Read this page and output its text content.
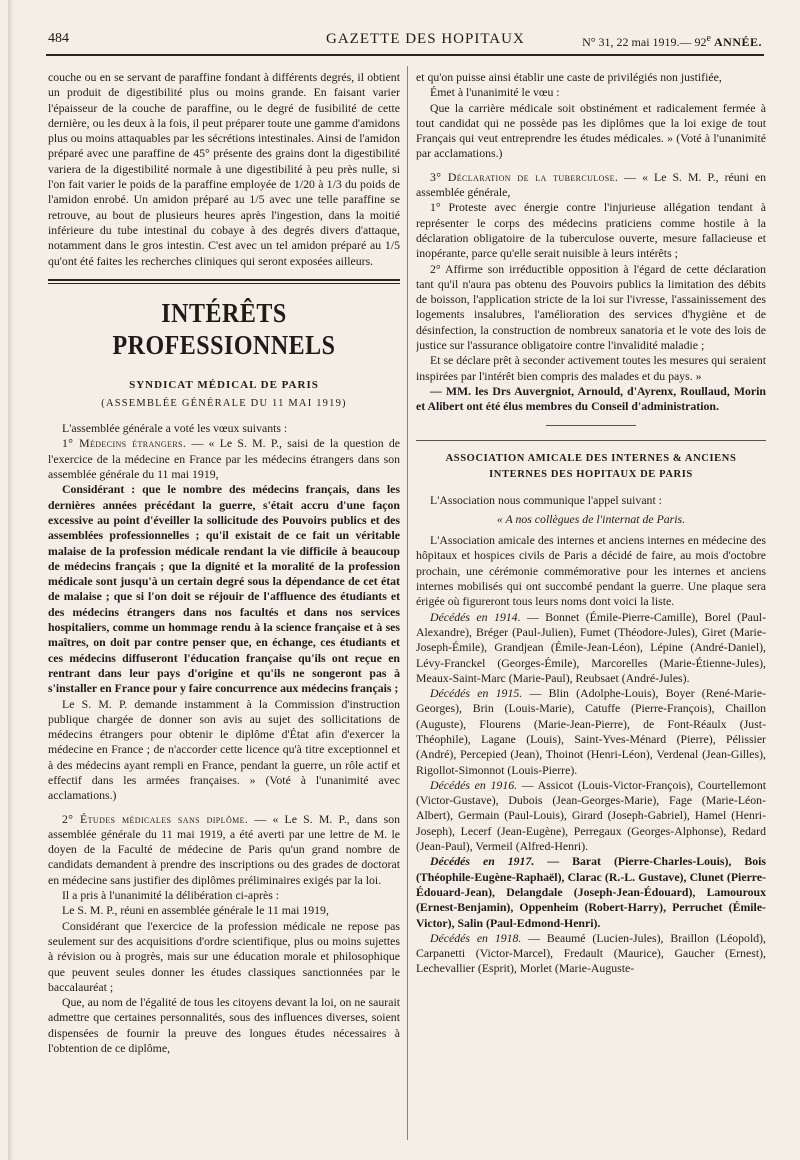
484	GAZETTE DES HOPITAUX	N° 31, 22 mai 1919.— 92e ANNÉE.

couche ou en se servant de paraffine fondant à différents degrés, il obtient un produit de digestibilité plus ou moins grande. En faisant varier l'épaisseur de la couche de paraffine, ou le degré de fusibilité de cette dernière, ou les deux à la fois, il peut préparer toute une gamme d'amidons plus ou moins attaquables par les sécrétions intestinales. Ainsi de l'amidon préparé avec une paraffine de 45° présente des grains dont la digestibilité variera de la digestibilité normale à une digestibilité à peu près nulle, si l'on fait varier le poids de la paraffine employée de 1/20 à 1/3 du poids de l'amidon enrobé. Un amidon préparé au 1/5 avec une telle paraffine se retrouve, au bout de plusieurs heures après l'ingestion, dans la moitié inférieure du tube intestinal du cobaye à des degrés divers d'attaque, notamment dans le gros intestin. C'est avec un tel amidon préparé au 1/5 qu'ont été faites les recherches cliniques qui seront exposées ailleurs.

INTÉRÊTS PROFESSIONNELS
SYNDICAT MÉDICAL DE PARIS
(ASSEMBLÉE GÉNÉRALE DU 11 MAI 1919)

L'assemblée générale a voté les vœux suivants :

1° Médecins étrangers. — « Le S. M. P., saisi de la question de l'exercice de la médecine en France par les médecins étrangers dans son assemblée générale du 11 mai 1919,

Considérant : que le nombre des médecins français, dans les dernières années précédant la guerre, s'était accru d'une façon excessive au point d'éveiller la sollicitude des Pouvoirs publics et des assemblées professionnelles ; qu'il existait de ce fait un véritable malaise de la profession médicale rendant la vie difficile à beaucoup de médecins français ; que la dignité et la moralité de la profession médicale sont jusqu'à un certain degré sous la dépendance de cet état de malaise ; que si l'on doit se réjouir de l'affluence des étudiants et des médecins étrangers dans nos facultés et dans nos services hospitaliers, comme un hommage rendu à la science française et à ses maîtres, on doit par contre penser que, en échange, ces étudiants et ces médecins diffuseront l'éducation française qu'ils ont reçue en rentrant dans leur pays d'origine et qu'ils ne songeront pas à s'installer en France pour y faire concurrence aux médecins français ;

Le S. M. P. demande instamment à la Commission d'instruction publique chargée de donner son avis au sujet des sollicitations de médecins étrangers pour obtenir le diplôme d'État afin d'exercer la médecine en France ; de n'accorder cette licence qu'à titre exceptionnel et à des médecins ayant rempli en France, pendant la guerre, un rôle actif et effectif dans les armées françaises. » (Voté à l'unanimité avec acclamations.)

2° Études médicales sans diplôme. — « Le S. M. P., dans son assemblée générale du 11 mai 1919, a été averti par une lettre de M. le doyen de la Faculté de médecine de Paris qu'un grand nombre de candidats demandent à prendre des inscriptions ou des grades de doctorat en médecine sans justifier des diplômes préliminaires exigés par la loi.

Il a pris à l'unanimité la délibération ci-après :

Le S. M. P., réuni en assemblée générale le 11 mai 1919,

Considérant que l'exercice de la profession médicale ne repose pas seulement sur des acquisitions d'ordre scientifique, plus ou moins sujettes à révision ou à progrès, mais sur une éducation morale et philosophique que peuvent seules donner les études classiques sanctionnées par le baccalauréat ;

Que, au nom de l'égalité de tous les citoyens devant la loi, on ne saurait admettre que certaines personnalités, sous des influences diverses, soient dispensées de fournir la preuve des longues études nécessaires à l'obtention de ce diplôme,

et qu'on puisse ainsi établir une caste de privilégiés non justifiée,

Émet à l'unanimité le vœu :

Que la carrière médicale soit obstinément et radicalement fermée à tout candidat qui ne possède pas les diplômes que la loi exige de tout Français qui veut entreprendre les études médicales. » (Voté à l'unanimité par acclamations.)

3° Déclaration de la tuberculose. — « Le S. M. P., réuni en assemblée générale,

1° Proteste avec énergie contre l'injurieuse allégation tendant à représenter le corps des médecins praticiens comme hostile à la déclaration obligatoire de la tuberculose ouverte, mesure fallacieuse et inopérante, parce qu'elle serait nuisible à leurs intérêts ;

2° Affirme son irréductible opposition à l'égard de cette déclaration tant qu'il n'aura pas obtenu des Pouvoirs publics la limitation des débits de boisson, l'application stricte de la loi sur l'ivresse, l'assainissement des logements insalubres, l'amélioration des services d'hygiène et de désinfection, la construction de nombreux sanatoria et le vote des lois de justice sur l'assurance obligatoire contre l'invalidité maladie ;

Et se déclare prêt à seconder activement toutes les mesures qui seraient inspirées par l'intérêt bien compris des malades et du pays. »

— MM. les Drs Auvergniot, Arnould, d'Ayrenx, Roullaud, Morin et Alibert ont été élus membres du Conseil d'administration.

ASSOCIATION AMICALE DES INTERNES & ANCIENS INTERNES DES HOPITAUX DE PARIS

L'Association nous communique l'appel suivant :

« A nos collègues de l'internat de Paris.

L'Association amicale des internes et anciens internes en médecine des hôpitaux et hospices civils de Paris a décidé de faire, au mois d'octobre prochain, une cérémonie commémorative pour les internes et anciens internes mobilisés qui ont succombé pendant la guerre. Une plaque sera érigée où figureront tous leurs noms dont voici la liste.

Décédés en 1914. — Bonnet (Émile-Pierre-Camille), Borel (Paul-Alexandre), Bréger (Paul-Julien), Fumet (Théodore-Jules), Giret (Marie-Joseph-Émile), Grandjean (Émile-Jean-Léon), Lépine (André-Daniel), Lévy-Franckel (Georges-Émile), Marcorelles (Marie-Étienne-Jules), Meaux-Saint-Marc (Marie-Paul), Reubsaet (André-Jules).

Décédés en 1915. — Blin (Adolphe-Louis), Boyer (René-Marie-Georges), Brin (Louis-Marie), Catuffe (Pierre-François), Chaillon (Auguste), Flourens (Marie-Jean-Pierre), de Font-Réaulx (Just-Théophile), Lagane (Louis), Saint-Yves-Ménard (Pierre), Pélissier (André), Percepied (Jean), Thoinot (Henri-Léon), Verdenal (Jean-Gilles), Rigollot-Simonnot (Louis-Pierre).

Décédés en 1916. — Assicot (Louis-Victor-François), Courtellemont (Victor-Gustave), Dubois (Jean-Georges-Marie), Fage (Marie-Léon-Albert), Germain (Paul-Louis), Girard (Joseph-Gabriel), Hamel (Henri-Joseph), Lecerf (Jean-Eugène), Perregaux (Georges-Alphonse), Redard (Jean-Paul), Vermeil (Alfred-Henri).

Décédés en 1917. — Barat (Pierre-Charles-Louis), Bois (Théophile-Eugène-Raphaël), Clarac (R.-L. Gustave), Clunet (Pierre-Édouard-Jean), Delangdale (Joseph-Jean-Édouard), Lamouroux (Ernest-Benjamin), Oppenheim (Robert-Harry), Perruchet (Émile-Victor), Salin (Paul-Edmond-Henri).

Décédés en 1918. — Beaumé (Lucien-Jules), Braillon (Léopold), Carpanetti (Victor-Marcel), Fredault (Maurice), Gaucher (Ernest), Lechevallier (Esprit), Morlet (Marie-Auguste-
